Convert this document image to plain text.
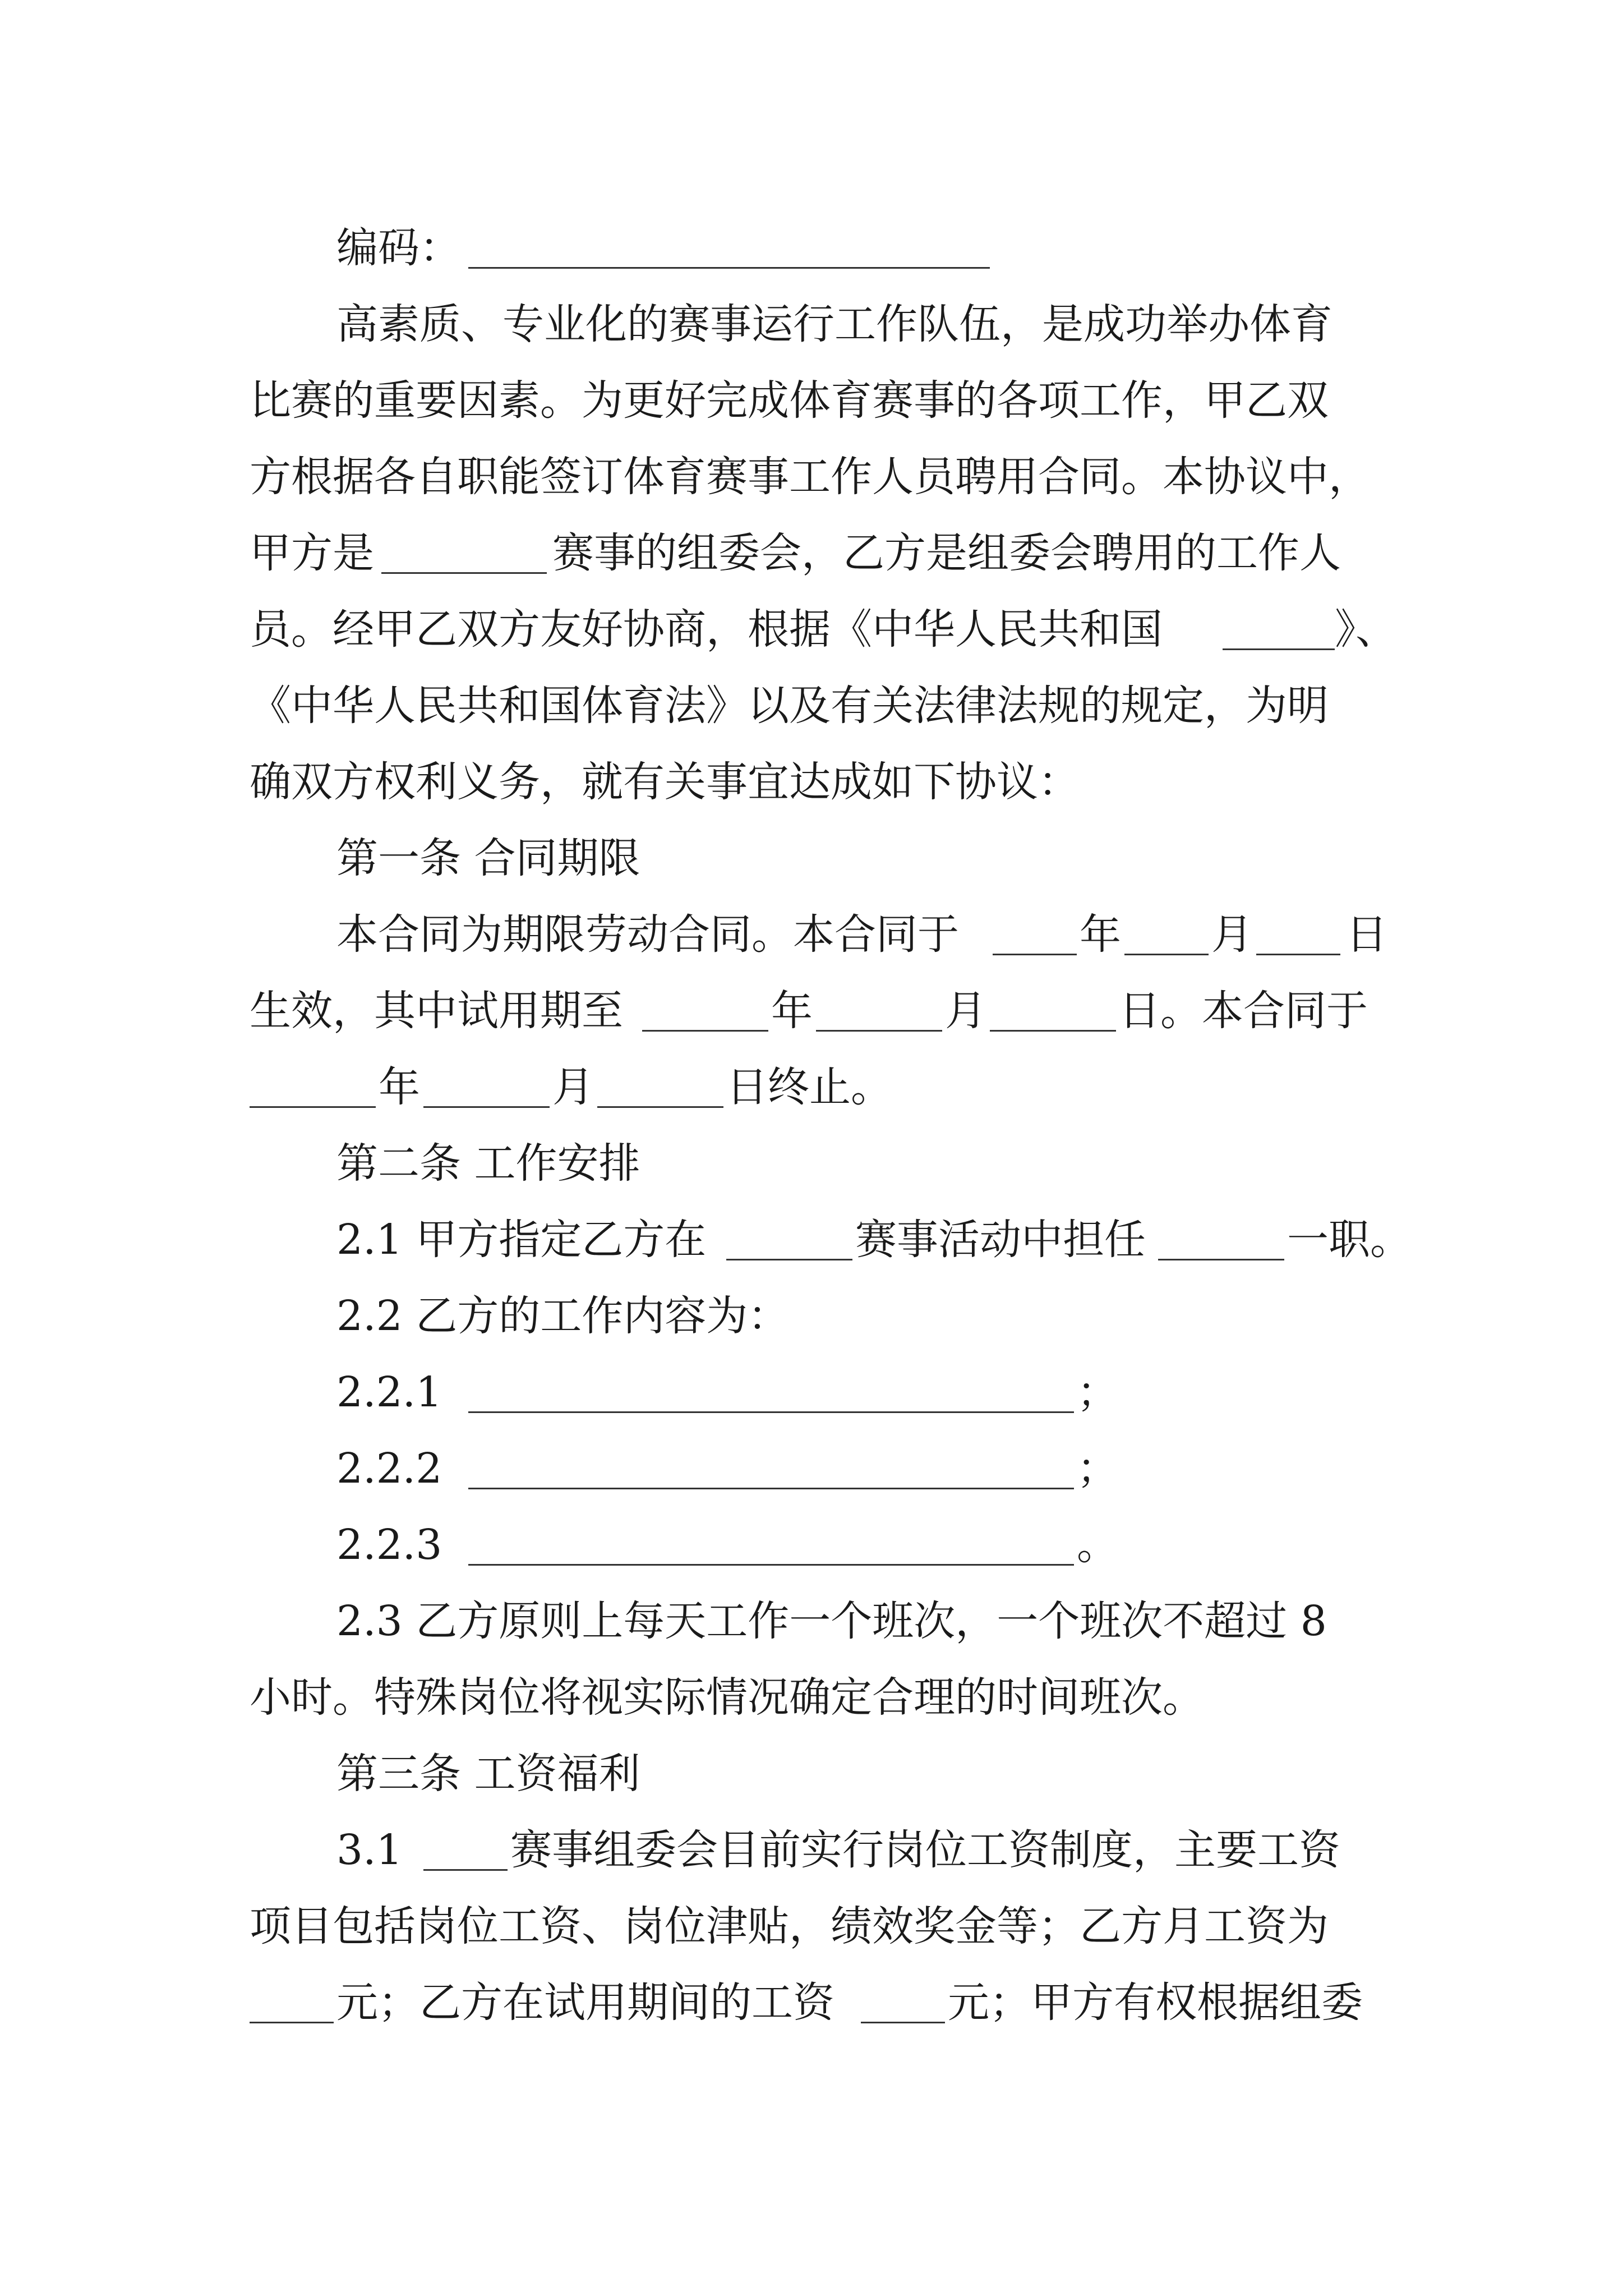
编码：
高素质、专业化的赛事运行工作队伍，是成功举办体育
比赛的重要因素。为更好完成体育赛事的各项工作，甲乙双
方根据各自职能签订体育赛事工作人员聘用合同。本协议中，
甲方是	赛事的组委会，乙方是组委会聘用的工作人
员。经甲乙双方友好协商，根据《中华人民共和国	》、
《中华人民共和国体育法》以及有关法律法规的规定，为明
确双方权利义务，就有关事宜达成如下协议：
第一条 合同期限
本合同为期限劳动合同。本合同于	年 月 日
生效，其中试用期至	年	月	日。本合同于
年	月	日终止。
第二条 工作安排
2.1 甲方指定乙方在	赛事活动中担任	一职。
2.2 乙方的工作内容为：
2.2.1	；
2.2.2	；
2.2.3	。
2.3 乙方原则上每天工作一个班次，一个班次不超过 8
小时。特殊岗位将视实际情况确定合理的时间班次。
第三条 工资福利
3.1	赛事组委会目前实行岗位工资制度，主要工资
项目包括岗位工资、岗位津贴，绩效奖金等；乙方月工资为
元；乙方在试用期间的工资	元；甲方有权根据组委
